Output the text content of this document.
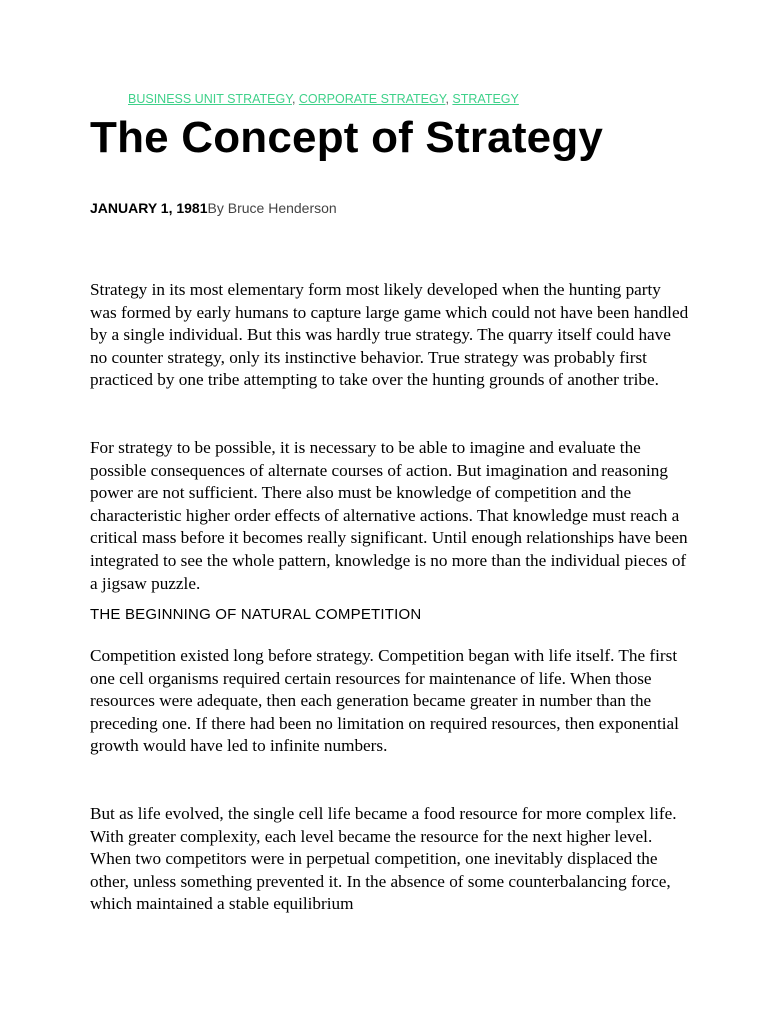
BUSINESS UNIT STRATEGY, CORPORATE STRATEGY, STRATEGY
The Concept of Strategy
JANUARY 1, 1981By Bruce Henderson

Strategy in its most elementary form most likely developed when the hunting party was formed by early humans to capture large game which could not have been handled by a single individual. But this was hardly true strategy. The quarry itself could have no counter strategy, only its instinctive behavior. True strategy was probably first practiced by one tribe attempting to take over the hunting grounds of another tribe.

For strategy to be possible, it is necessary to be able to imagine and evaluate the possible consequences of alternate courses of action. But imagination and reasoning power are not sufficient. There also must be knowledge of competition and the characteristic higher order effects of alternative actions. That knowledge must reach a critical mass before it becomes really significant. Until enough relationships have been integrated to see the whole pattern, knowledge is no more than the individual pieces of a jigsaw puzzle.

THE BEGINNING OF NATURAL COMPETITION

Competition existed long before strategy. Competition began with life itself. The first one cell organisms required certain resources for maintenance of life. When those resources were adequate, then each generation became greater in number than the preceding one. If there had been no limitation on required resources, then exponential growth would have led to infinite numbers.

But as life evolved, the single cell life became a food resource for more complex life. With greater complexity, each level became the resource for the next higher level. When two competitors were in perpetual competition, one inevitably displaced the other, unless something prevented it. In the absence of some counterbalancing force, which maintained a stable equilibrium
